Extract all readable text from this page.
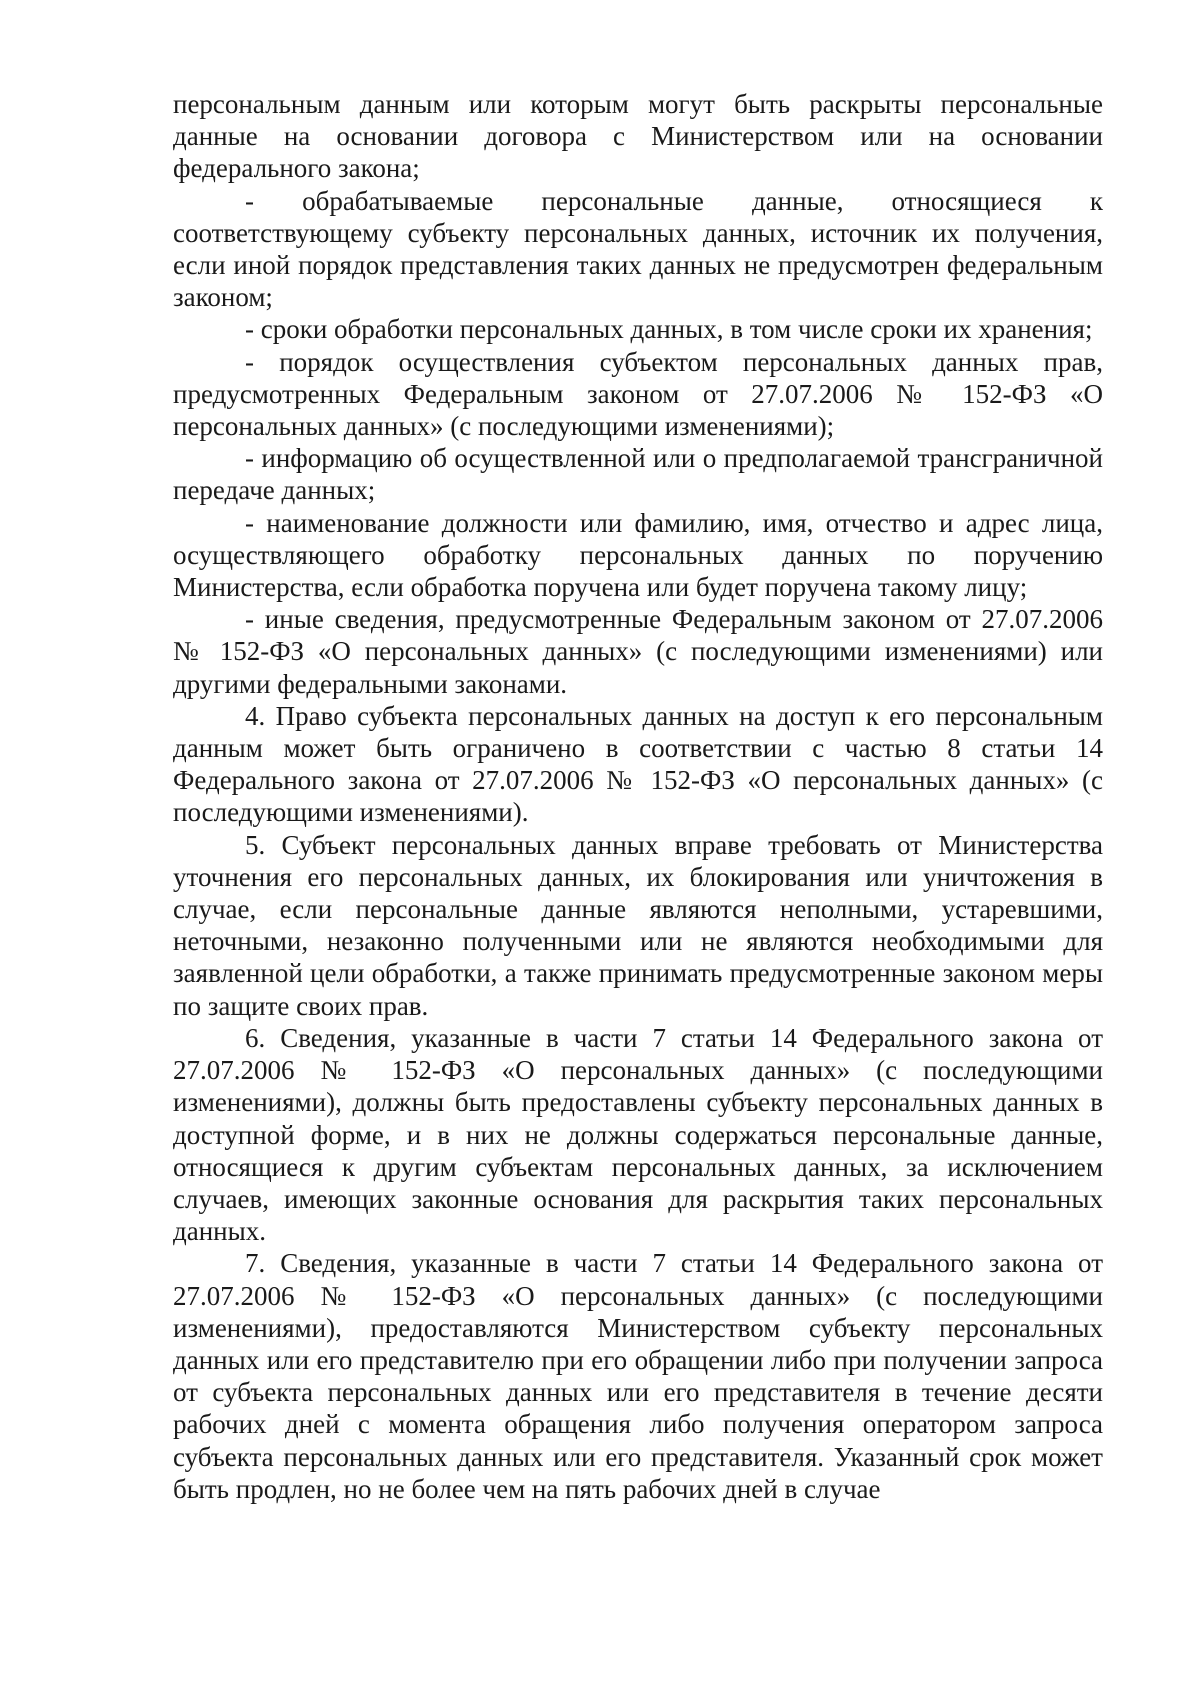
персональным данным или которым могут быть раскрыты персональные данные на основании договора с Министерством или на основании федерального закона;

- обрабатываемые персональные данные, относящиеся к соответствующему субъекту персональных данных, источник их получения, если иной порядок представления таких данных не предусмотрен федеральным законом;

- сроки обработки персональных данных, в том числе сроки их хранения;

- порядок осуществления субъектом персональных данных прав, предусмотренных Федеральным законом от 27.07.2006 № 152-ФЗ «О персональных данных» (с последующими изменениями);

- информацию об осуществленной или о предполагаемой трансграничной передаче данных;

- наименование должности или фамилию, имя, отчество и адрес лица, осуществляющего обработку персональных данных по поручению Министерства, если обработка поручена или будет поручена такому лицу;

- иные сведения, предусмотренные Федеральным законом от 27.07.2006 № 152-ФЗ «О персональных данных» (с последующими изменениями) или другими федеральными законами.

4. Право субъекта персональных данных на доступ к его персональным данным может быть ограничено в соответствии с частью 8 статьи 14 Федерального закона от 27.07.2006 № 152-ФЗ «О персональных данных» (с последующими изменениями).

5. Субъект персональных данных вправе требовать от Министерства уточнения его персональных данных, их блокирования или уничтожения в случае, если персональные данные являются неполными, устаревшими, неточными, незаконно полученными или не являются необходимыми для заявленной цели обработки, а также принимать предусмотренные законом меры по защите своих прав.

6. Сведения, указанные в части 7 статьи 14 Федерального закона от 27.07.2006 № 152-ФЗ «О персональных данных» (с последующими изменениями), должны быть предоставлены субъекту персональных данных в доступной форме, и в них не должны содержаться персональные данные, относящиеся к другим субъектам персональных данных, за исключением случаев, имеющих законные основания для раскрытия таких персональных данных.

7. Сведения, указанные в части 7 статьи 14 Федерального закона от 27.07.2006 № 152-ФЗ «О персональных данных» (с последующими изменениями), предоставляются Министерством субъекту персональных данных или его представителю при его обращении либо при получении запроса от субъекта персональных данных или его представителя в течение десяти рабочих дней с момента обращения либо получения оператором запроса субъекта персональных данных или его представителя. Указанный срок может быть продлен, но не более чем на пять рабочих дней в случае
